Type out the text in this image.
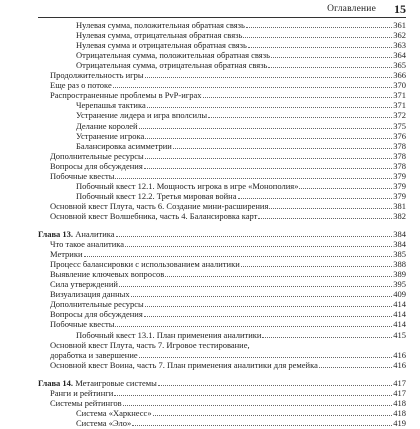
Оглавление 15
Нулевая сумма, положительная обратная связь	361
Нулевая сумма, отрицательная обратная связь	362
Нулевая сумма и отрицательная обратная связь	363
Отрицательная сумма, положительная обратная связь	364
Отрицательная сумма, отрицательная обратная связь	365
Продолжительность игры	366
Еще раз о потоке	370
Распространенные проблемы в PvP-играх	371
Черепашья тактика	371
Устранение лидера и игра вполсилы	372
Делание королей	375
Устранение игрока	376
Балансировка асимметрии	378
Дополнительные ресурсы	378
Вопросы для обсуждения	378
Побочные квесты	379
Побочный квест 12.1. Мощность игрока в игре «Монополия»	379
Побочный квест 12.2. Третья мировая война	379
Основной квест Плута, часть 6. Создание мини-расширения	381
Основной квест Волшебника, часть 4. Балансировка карт	382
Глава 13. Аналитика	384
Что такое аналитика	384
Метрики	385
Процесс балансировки с использованием аналитики	388
Выявление ключевых вопросов	389
Сила утверждений	395
Визуализация данных	409
Дополнительные ресурсы	414
Вопросы для обсуждения	414
Побочные квесты	414
Побочный квест 13.1. План применения аналитики	415
Основной квест Плута, часть 7. Игровое тестирование,
доработка и завершение	416
Основной квест Воина, часть 7. План применения аналитики для ремейка	416
Глава 14. Метаигровые системы	417
Ранги и рейтинги	417
Системы рейтингов	418
Система «Харкнесс»	418
Система «Эло»	419
